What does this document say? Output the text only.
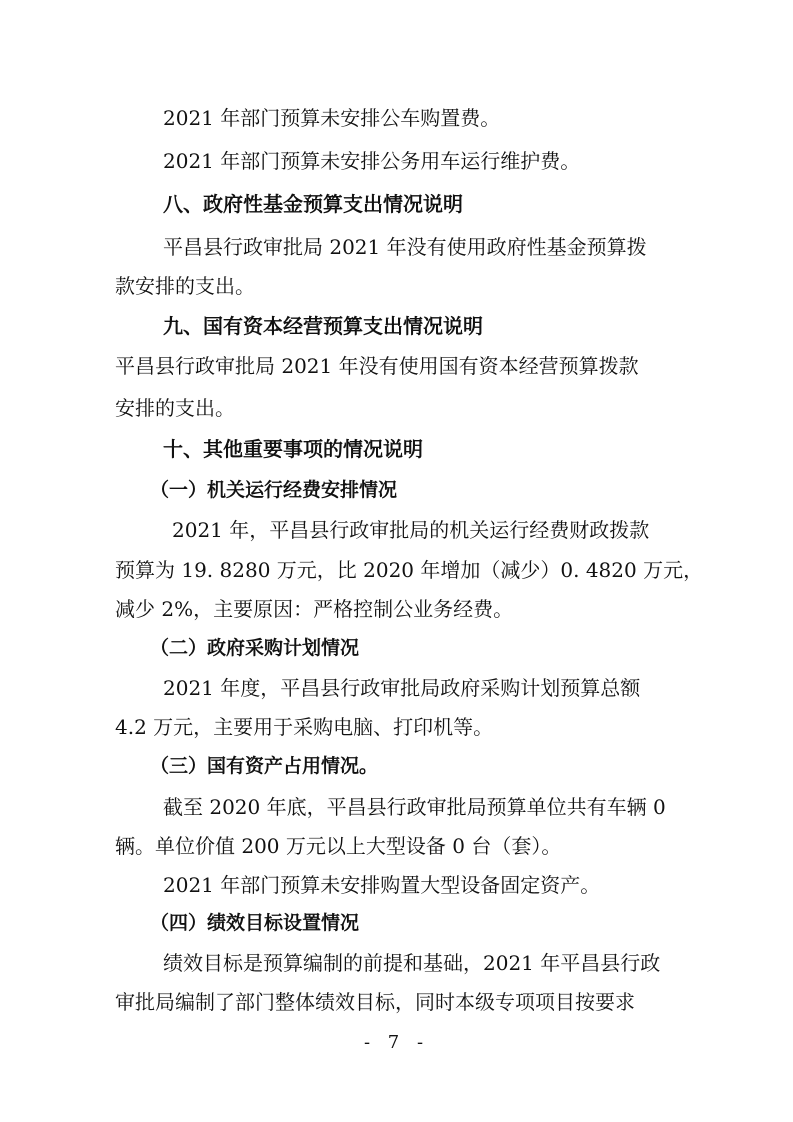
2021 年部门预算未安排公车购置费。
2021 年部门预算未安排公务用车运行维护费。
八、政府性基金预算支出情况说明
平昌县行政审批局 2021 年没有使用政府性基金预算拨
款安排的支出。
九、国有资本经营预算支出情况说明
平昌县行政审批局 2021 年没有使用国有资本经营预算拨款
安排的支出。
十、其他重要事项的情况说明
（一）机关运行经费安排情况
2021 年，平昌县行政审批局的机关运行经费财政拨款
预算为 19. 8280 万元，比 2020 年增加（减少）0. 4820 万元，
减少 2%，主要原因：严格控制公业务经费。
（二）政府采购计划情况
2021 年度，平昌县行政审批局政府采购计划预算总额
4.2 万元，主要用于采购电脑、打印机等。
（三）国有资产占用情况。
截至 2020 年底，平昌县行政审批局预算单位共有车辆 0
辆。单位价值 200 万元以上大型设备 0 台（套）。
2021 年部门预算未安排购置大型设备固定资产。
（四）绩效目标设置情况
绩效目标是预算编制的前提和基础，2021 年平昌县行政
审批局编制了部门整体绩效目标，同时本级专项项目按要求
- 7 -
